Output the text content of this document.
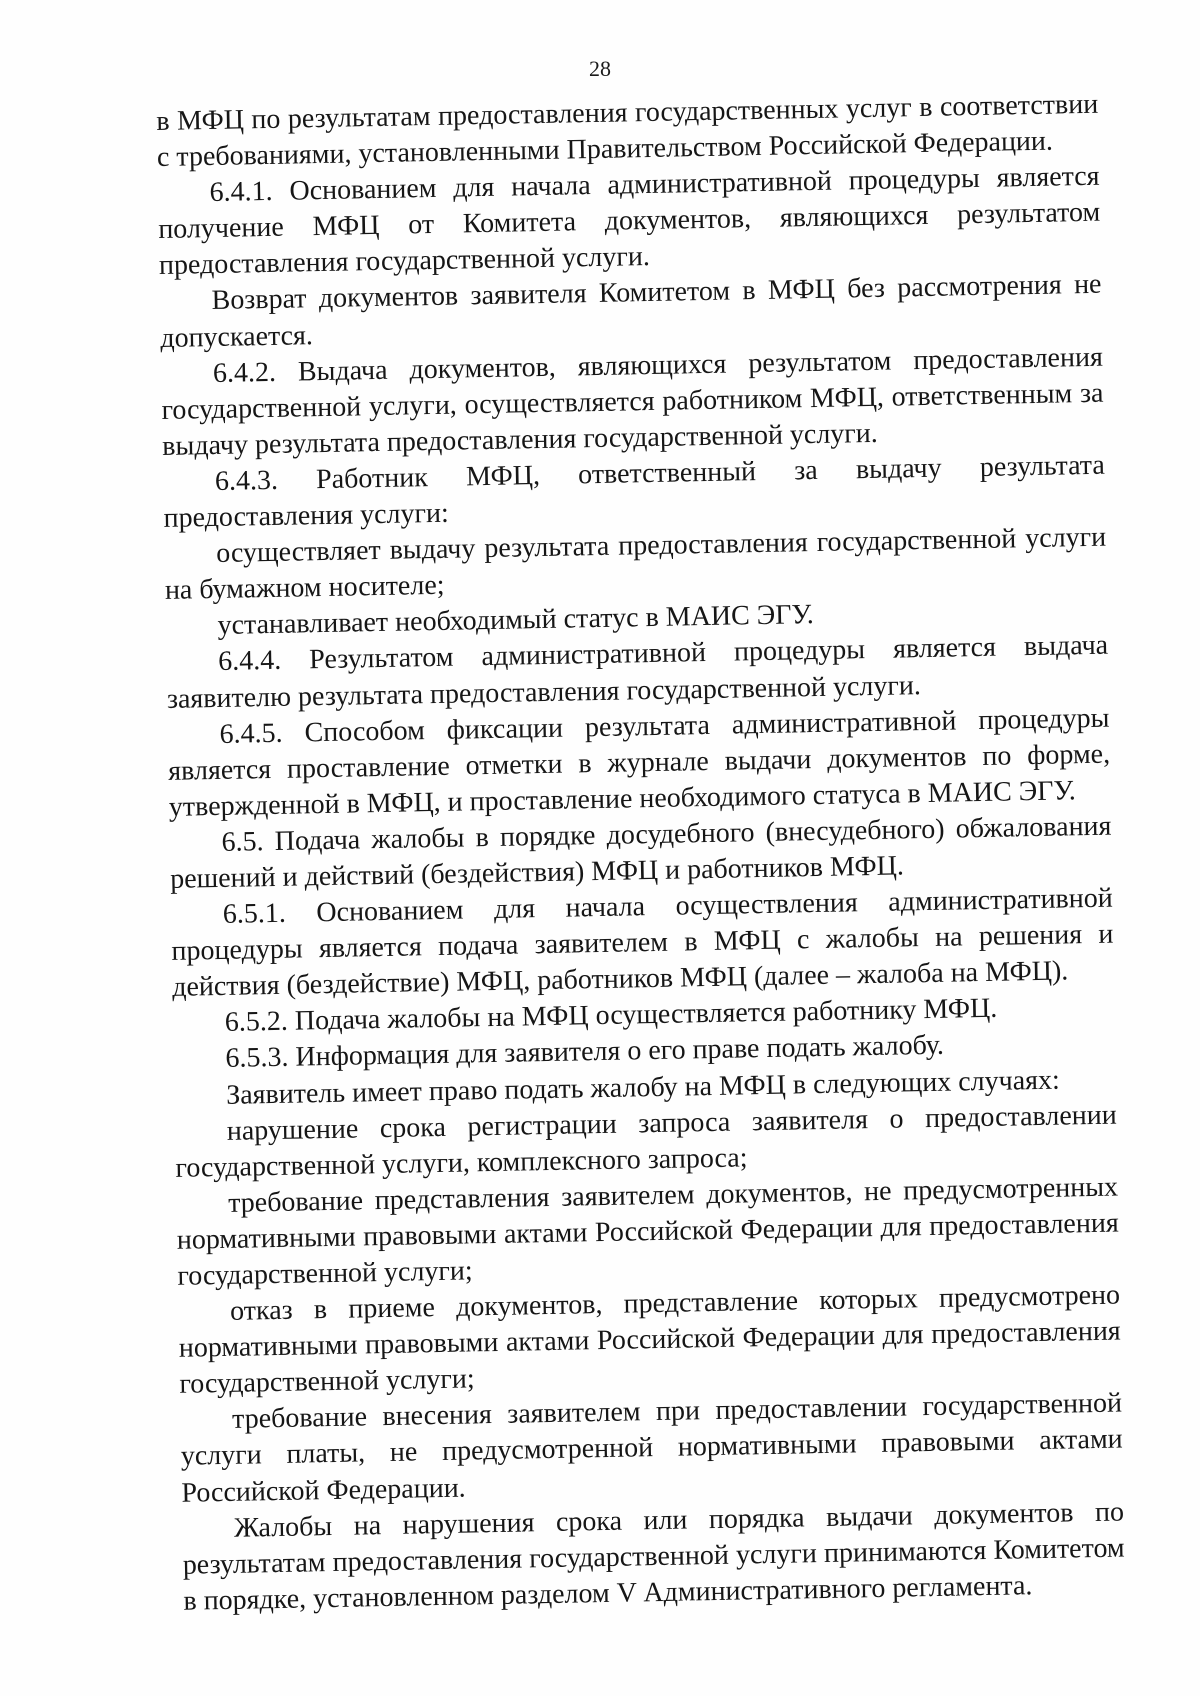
28

в МФЦ по результатам предоставления государственных услуг в соответствии с требованиями, установленными Правительством Российской Федерации.

6.4.1. Основанием для начала административной процедуры является получение МФЦ от Комитета документов, являющихся результатом предоставления государственной услуги.

Возврат документов заявителя Комитетом в МФЦ без рассмотрения не допускается.

6.4.2. Выдача документов, являющихся результатом предоставления государственной услуги, осуществляется работником МФЦ, ответственным за выдачу результата предоставления государственной услуги.

6.4.3. Работник МФЦ, ответственный за выдачу результата предоставления услуги:

осуществляет выдачу результата предоставления государственной услуги на бумажном носителе;

устанавливает необходимый статус в МАИС ЭГУ.

6.4.4. Результатом административной процедуры является выдача заявителю результата предоставления государственной услуги.

6.4.5. Способом фиксации результата административной процедуры является проставление отметки в журнале выдачи документов по форме, утвержденной в МФЦ, и проставление необходимого статуса в МАИС ЭГУ.

6.5. Подача жалобы в порядке досудебного (внесудебного) обжалования решений и действий (бездействия) МФЦ и работников МФЦ.

6.5.1. Основанием для начала осуществления административной процедуры является подача заявителем в МФЦ с жалобы на решения и действия (бездействие) МФЦ, работников МФЦ (далее – жалоба на МФЦ).

6.5.2. Подача жалобы на МФЦ осуществляется работнику МФЦ.

6.5.3. Информация для заявителя о его праве подать жалобу.

Заявитель имеет право подать жалобу на МФЦ в следующих случаях:

нарушение срока регистрации запроса заявителя о предоставлении государственной услуги, комплексного запроса;

требование представления заявителем документов, не предусмотренных нормативными правовыми актами Российской Федерации для предоставления государственной услуги;

отказ в приеме документов, представление которых предусмотрено нормативными правовыми актами Российской Федерации для предоставления государственной услуги;

требование внесения заявителем при предоставлении государственной услуги платы, не предусмотренной нормативными правовыми актами Российской Федерации.

Жалобы на нарушения срока или порядка выдачи документов по результатам предоставления государственной услуги принимаются Комитетом в порядке, установленном разделом V Административного регламента.
